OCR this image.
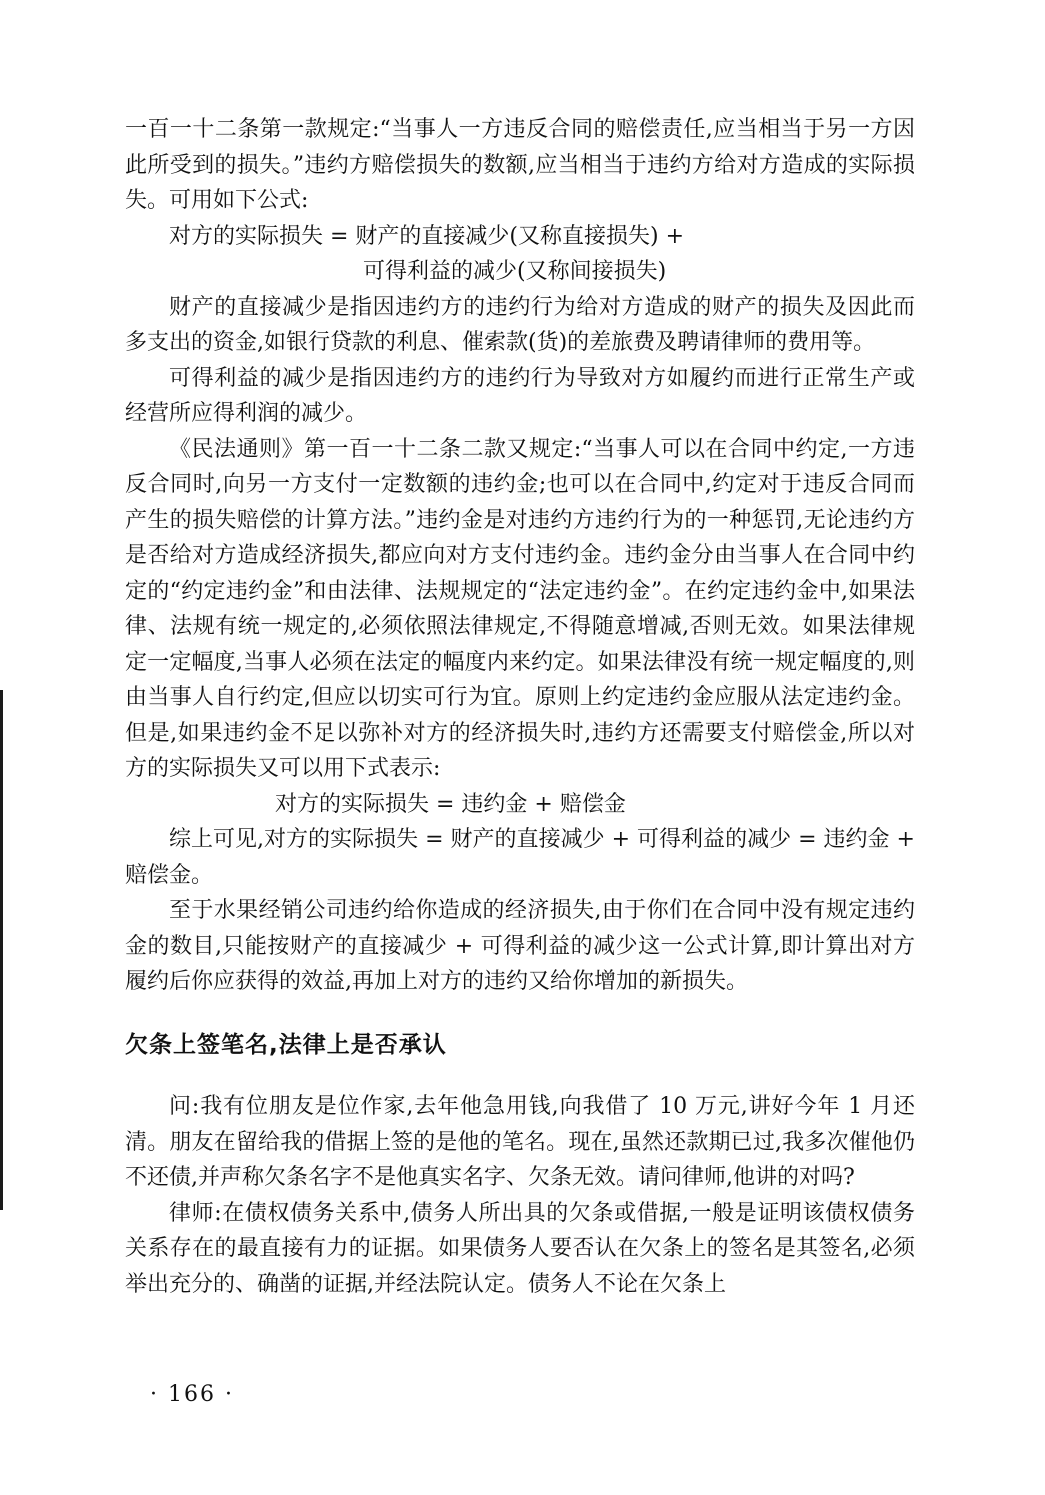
一百一十二条第一款规定:“当事人一方违反合同的赔偿责任,应当相当于另一方因此所受到的损失。”违约方赔偿损失的数额,应当相当于违约方给对方造成的实际损失。可用如下公式:

对方的实际损失 = 财产的直接减少(又称直接损失) +

可得利益的减少(又称间接损失)

财产的直接减少是指因违约方的违约行为给对方造成的财产的损失及因此而多支出的资金,如银行贷款的利息、催索款(货)的差旅费及聘请律师的费用等。

可得利益的减少是指因违约方的违约行为导致对方如履约而进行正常生产或经营所应得利润的减少。

《民法通则》第一百一十二条二款又规定:“当事人可以在合同中约定,一方违反合同时,向另一方支付一定数额的违约金;也可以在合同中,约定对于违反合同而产生的损失赔偿的计算方法。”违约金是对违约方违约行为的一种惩罚,无论违约方是否给对方造成经济损失,都应向对方支付违约金。违约金分由当事人在合同中约定的“约定违约金”和由法律、法规规定的“法定违约金”。在约定违约金中,如果法律、法规有统一规定的,必须依照法律规定,不得随意增减,否则无效。如果法律规定一定幅度,当事人必须在法定的幅度内来约定。如果法律没有统一规定幅度的,则由当事人自行约定,但应以切实可行为宜。原则上约定违约金应服从法定违约金。但是,如果违约金不足以弥补对方的经济损失时,违约方还需要支付赔偿金,所以对方的实际损失又可以用下式表示:

对方的实际损失 = 违约金 + 赔偿金

综上可见,对方的实际损失 = 财产的直接减少 + 可得利益的减少 = 违约金 + 赔偿金。

至于水果经销公司违约给你造成的经济损失,由于你们在合同中没有规定违约金的数目,只能按财产的直接减少 + 可得利益的减少这一公式计算,即计算出对方履约后你应获得的效益,再加上对方的违约又给你增加的新损失。

欠条上签笔名,法律上是否承认

问:我有位朋友是位作家,去年他急用钱,向我借了 10 万元,讲好今年 1 月还清。朋友在留给我的借据上签的是他的笔名。现在,虽然还款期已过,我多次催他仍不还债,并声称欠条名字不是他真实名字、欠条无效。请问律师,他讲的对吗?

律师:在债权债务关系中,债务人所出具的欠条或借据,一般是证明该债权债务关系存在的最直接有力的证据。如果债务人要否认在欠条上的签名是其签名,必须举出充分的、确凿的证据,并经法院认定。债务人不论在欠条上

· 166 ·
